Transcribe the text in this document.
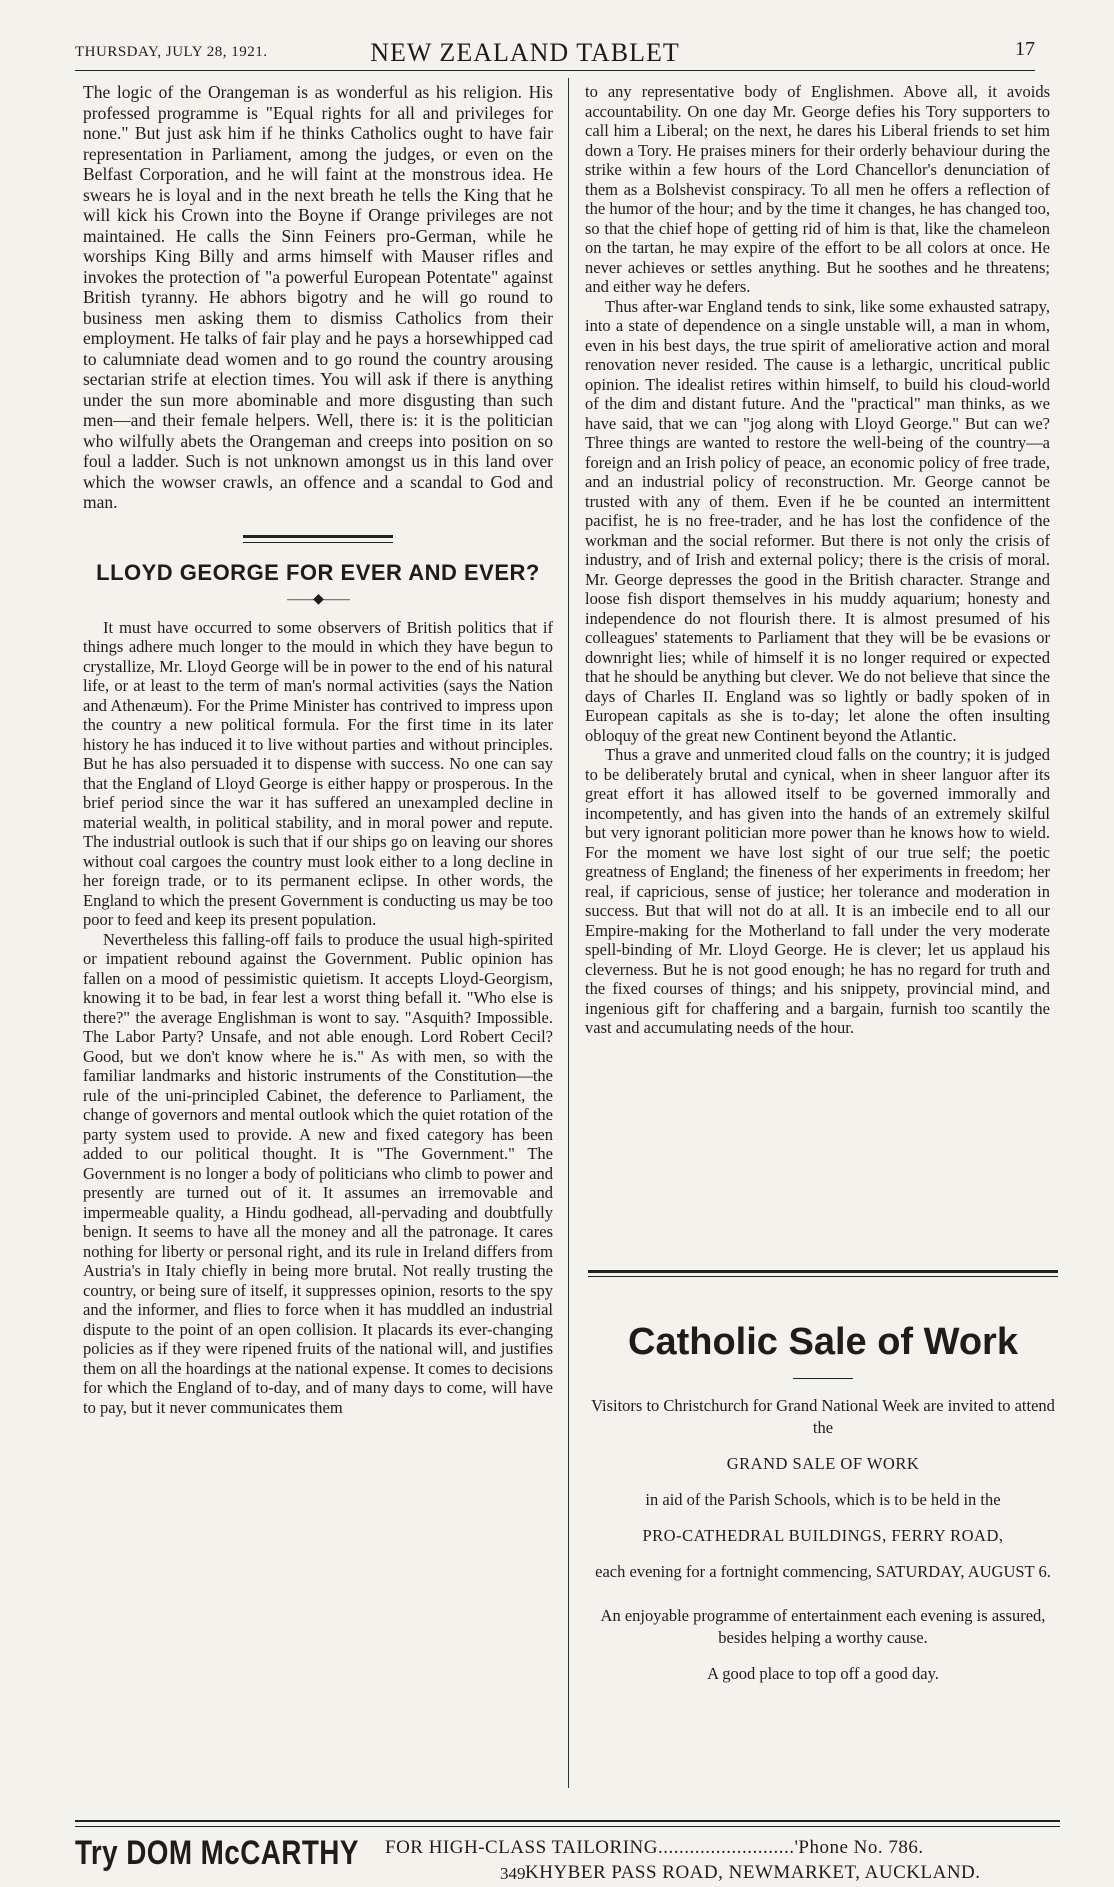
THURSDAY, JULY 28, 1921.	NEW ZEALAND TABLET	17

The logic of the Orangeman is as wonderful as his religion. His professed programme is "Equal rights for all and privileges for none." But just ask him if he thinks Catholics ought to have fair representation in Parliament, among the judges, or even on the Belfast Corporation, and he will faint at the monstrous idea. He swears he is loyal and in the next breath he tells the King that he will kick his Crown into the Boyne if Orange privileges are not maintained. He calls the Sinn Feiners pro-German, while he worships King Billy and arms himself with Mauser rifles and invokes the protection of "a powerful European Potentate" against British tyranny. He abhors bigotry and he will go round to business men asking them to dismiss Catholics from their employment. He talks of fair play and he pays a horsewhipped cad to calumniate dead women and to go round the country arousing sectarian strife at election times. You will ask if there is anything under the sun more abominable and more disgusting than such men—and their female helpers. Well, there is: it is the politician who wilfully abets the Orangeman and creeps into position on so foul a ladder. Such is not unknown amongst us in this land over which the wowser crawls, an offence and a scandal to God and man.

LLOYD GEORGE FOR EVER AND EVER?
——◆——

It must have occurred to some observers of British politics that if things adhere much longer to the mould in which they have begun to crystallize, Mr. Lloyd George will be in power to the end of his natural life, or at least to the term of man's normal activities (says the Nation and Athenæum). For the Prime Minister has contrived to impress upon the country a new political formula. For the first time in its later history he has induced it to live without parties and without principles. But he has also persuaded it to dispense with success. No one can say that the England of Lloyd George is either happy or prosperous. In the brief period since the war it has suffered an unexampled decline in material wealth, in political stability, and in moral power and repute. The industrial outlook is such that if our ships go on leaving our shores without coal cargoes the country must look either to a long decline in her foreign trade, or to its permanent eclipse. In other words, the England to which the present Government is conducting us may be too poor to feed and keep its present population.

Nevertheless this falling-off fails to produce the usual high-spirited or impatient rebound against the Government. Public opinion has fallen on a mood of pessimistic quietism. It accepts Lloyd-Georgism, knowing it to be bad, in fear lest a worst thing befall it. "Who else is there?" the average Englishman is wont to say. "Asquith? Impossible. The Labor Party? Unsafe, and not able enough. Lord Robert Cecil? Good, but we don't know where he is." As with men, so with the familiar landmarks and historic instruments of the Constitution—the rule of the uni-principled Cabinet, the deference to Parliament, the change of governors and mental outlook which the quiet rotation of the party system used to provide. A new and fixed category has been added to our political thought. It is "The Government." The Government is no longer a body of politicians who climb to power and presently are turned out of it. It assumes an irremovable and impermeable quality, a Hindu godhead, all-pervading and doubtfully benign. It seems to have all the money and all the patronage. It cares nothing for liberty or personal right, and its rule in Ireland differs from Austria's in Italy chiefly in being more brutal. Not really trusting the country, or being sure of itself, it suppresses opinion, resorts to the spy and the informer, and flies to force when it has muddled an industrial dispute to the point of an open collision. It placards its ever-changing policies as if they were ripened fruits of the national will, and justifies them on all the hoardings at the national expense. It comes to decisions for which the England of to-day, and of many days to come, will have to pay, but it never communicates them

to any representative body of Englishmen. Above all, it avoids accountability. On one day Mr. George defies his Tory supporters to call him a Liberal; on the next, he dares his Liberal friends to set him down a Tory. He praises miners for their orderly behaviour during the strike within a few hours of the Lord Chancellor's denunciation of them as a Bolshevist conspiracy. To all men he offers a reflection of the humor of the hour; and by the time it changes, he has changed too, so that the chief hope of getting rid of him is that, like the chameleon on the tartan, he may expire of the effort to be all colors at once. He never achieves or settles anything. But he soothes and he threatens; and either way he defers.

Thus after-war England tends to sink, like some exhausted satrapy, into a state of dependence on a single unstable will, a man in whom, even in his best days, the true spirit of ameliorative action and moral renovation never resided. The cause is a lethargic, uncritical public opinion. The idealist retires within himself, to build his cloud-world of the dim and distant future. And the "practical" man thinks, as we have said, that we can "jog along with Lloyd George." But can we? Three things are wanted to restore the well-being of the country—a foreign and an Irish policy of peace, an economic policy of free trade, and an industrial policy of reconstruction. Mr. George cannot be trusted with any of them. Even if he be counted an intermittent pacifist, he is no free-trader, and he has lost the confidence of the workman and the social reformer. But there is not only the crisis of industry, and of Irish and external policy; there is the crisis of moral. Mr. George depresses the good in the British character. Strange and loose fish disport themselves in his muddy aquarium; honesty and independence do not flourish there. It is almost presumed of his colleagues' statements to Parliament that they will be be evasions or downright lies; while of himself it is no longer required or expected that he should be anything but clever. We do not believe that since the days of Charles II. England was so lightly or badly spoken of in European capitals as she is to-day; let alone the often insulting obloquy of the great new Continent beyond the Atlantic.

Thus a grave and unmerited cloud falls on the country; it is judged to be deliberately brutal and cynical, when in sheer languor after its great effort it has allowed itself to be governed immorally and incompetently, and has given into the hands of an extremely skilful but very ignorant politician more power than he knows how to wield. For the moment we have lost sight of our true self; the poetic greatness of England; the fineness of her experiments in freedom; her real, if capricious, sense of justice; her tolerance and moderation in success. But that will not do at all. It is an imbecile end to all our Empire-making for the Motherland to fall under the very moderate spell-binding of Mr. Lloyd George. He is clever; let us applaud his cleverness. But he is not good enough; he has no regard for truth and the fixed courses of things; and his snippety, provincial mind, and ingenious gift for chaffering and a bargain, furnish too scantily the vast and accumulating needs of the hour.

Catholic Sale of Work

Visitors to Christchurch for Grand National Week are invited to attend the

GRAND SALE OF WORK

in aid of the Parish Schools, which is to be held in the

PRO-CATHEDRAL BUILDINGS, FERRY ROAD,

each evening for a fortnight commencing, SATURDAY, AUGUST 6.

An enjoyable programme of entertainment each evening is assured, besides helping a worthy cause.

A good place to top off a good day.

Try DOM McCARTHY FOR HIGH-CLASS TAILORING..........................'Phone No. 786.
349 KHYBER PASS ROAD, NEWMARKET, AUCKLAND.
